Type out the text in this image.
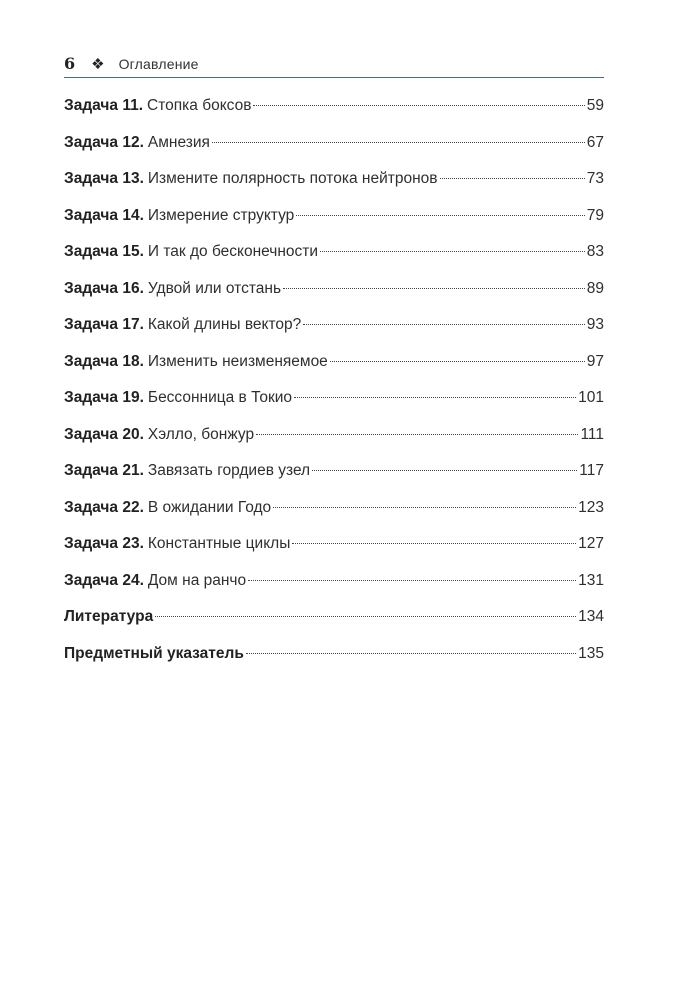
6 ❖ Оглавление
Задача 11. Стопка боксов	59
Задача 12. Амнезия	67
Задача 13. Измените полярность потока нейтронов	73
Задача 14. Измерение структур	79
Задача 15. И так до бесконечности	83
Задача 16. Удвой или отстань	89
Задача 17. Какой длины вектор?	93
Задача 18. Изменить неизменяемое	97
Задача 19. Бессонница в Токио	101
Задача 20. Хэлло, бонжур	111
Задача 21. Завязать гордиев узел	117
Задача 22. В ожидании Годо	123
Задача 23. Константные циклы	127
Задача 24. Дом на ранчо	131
Литература	134
Предметный указатель	135
